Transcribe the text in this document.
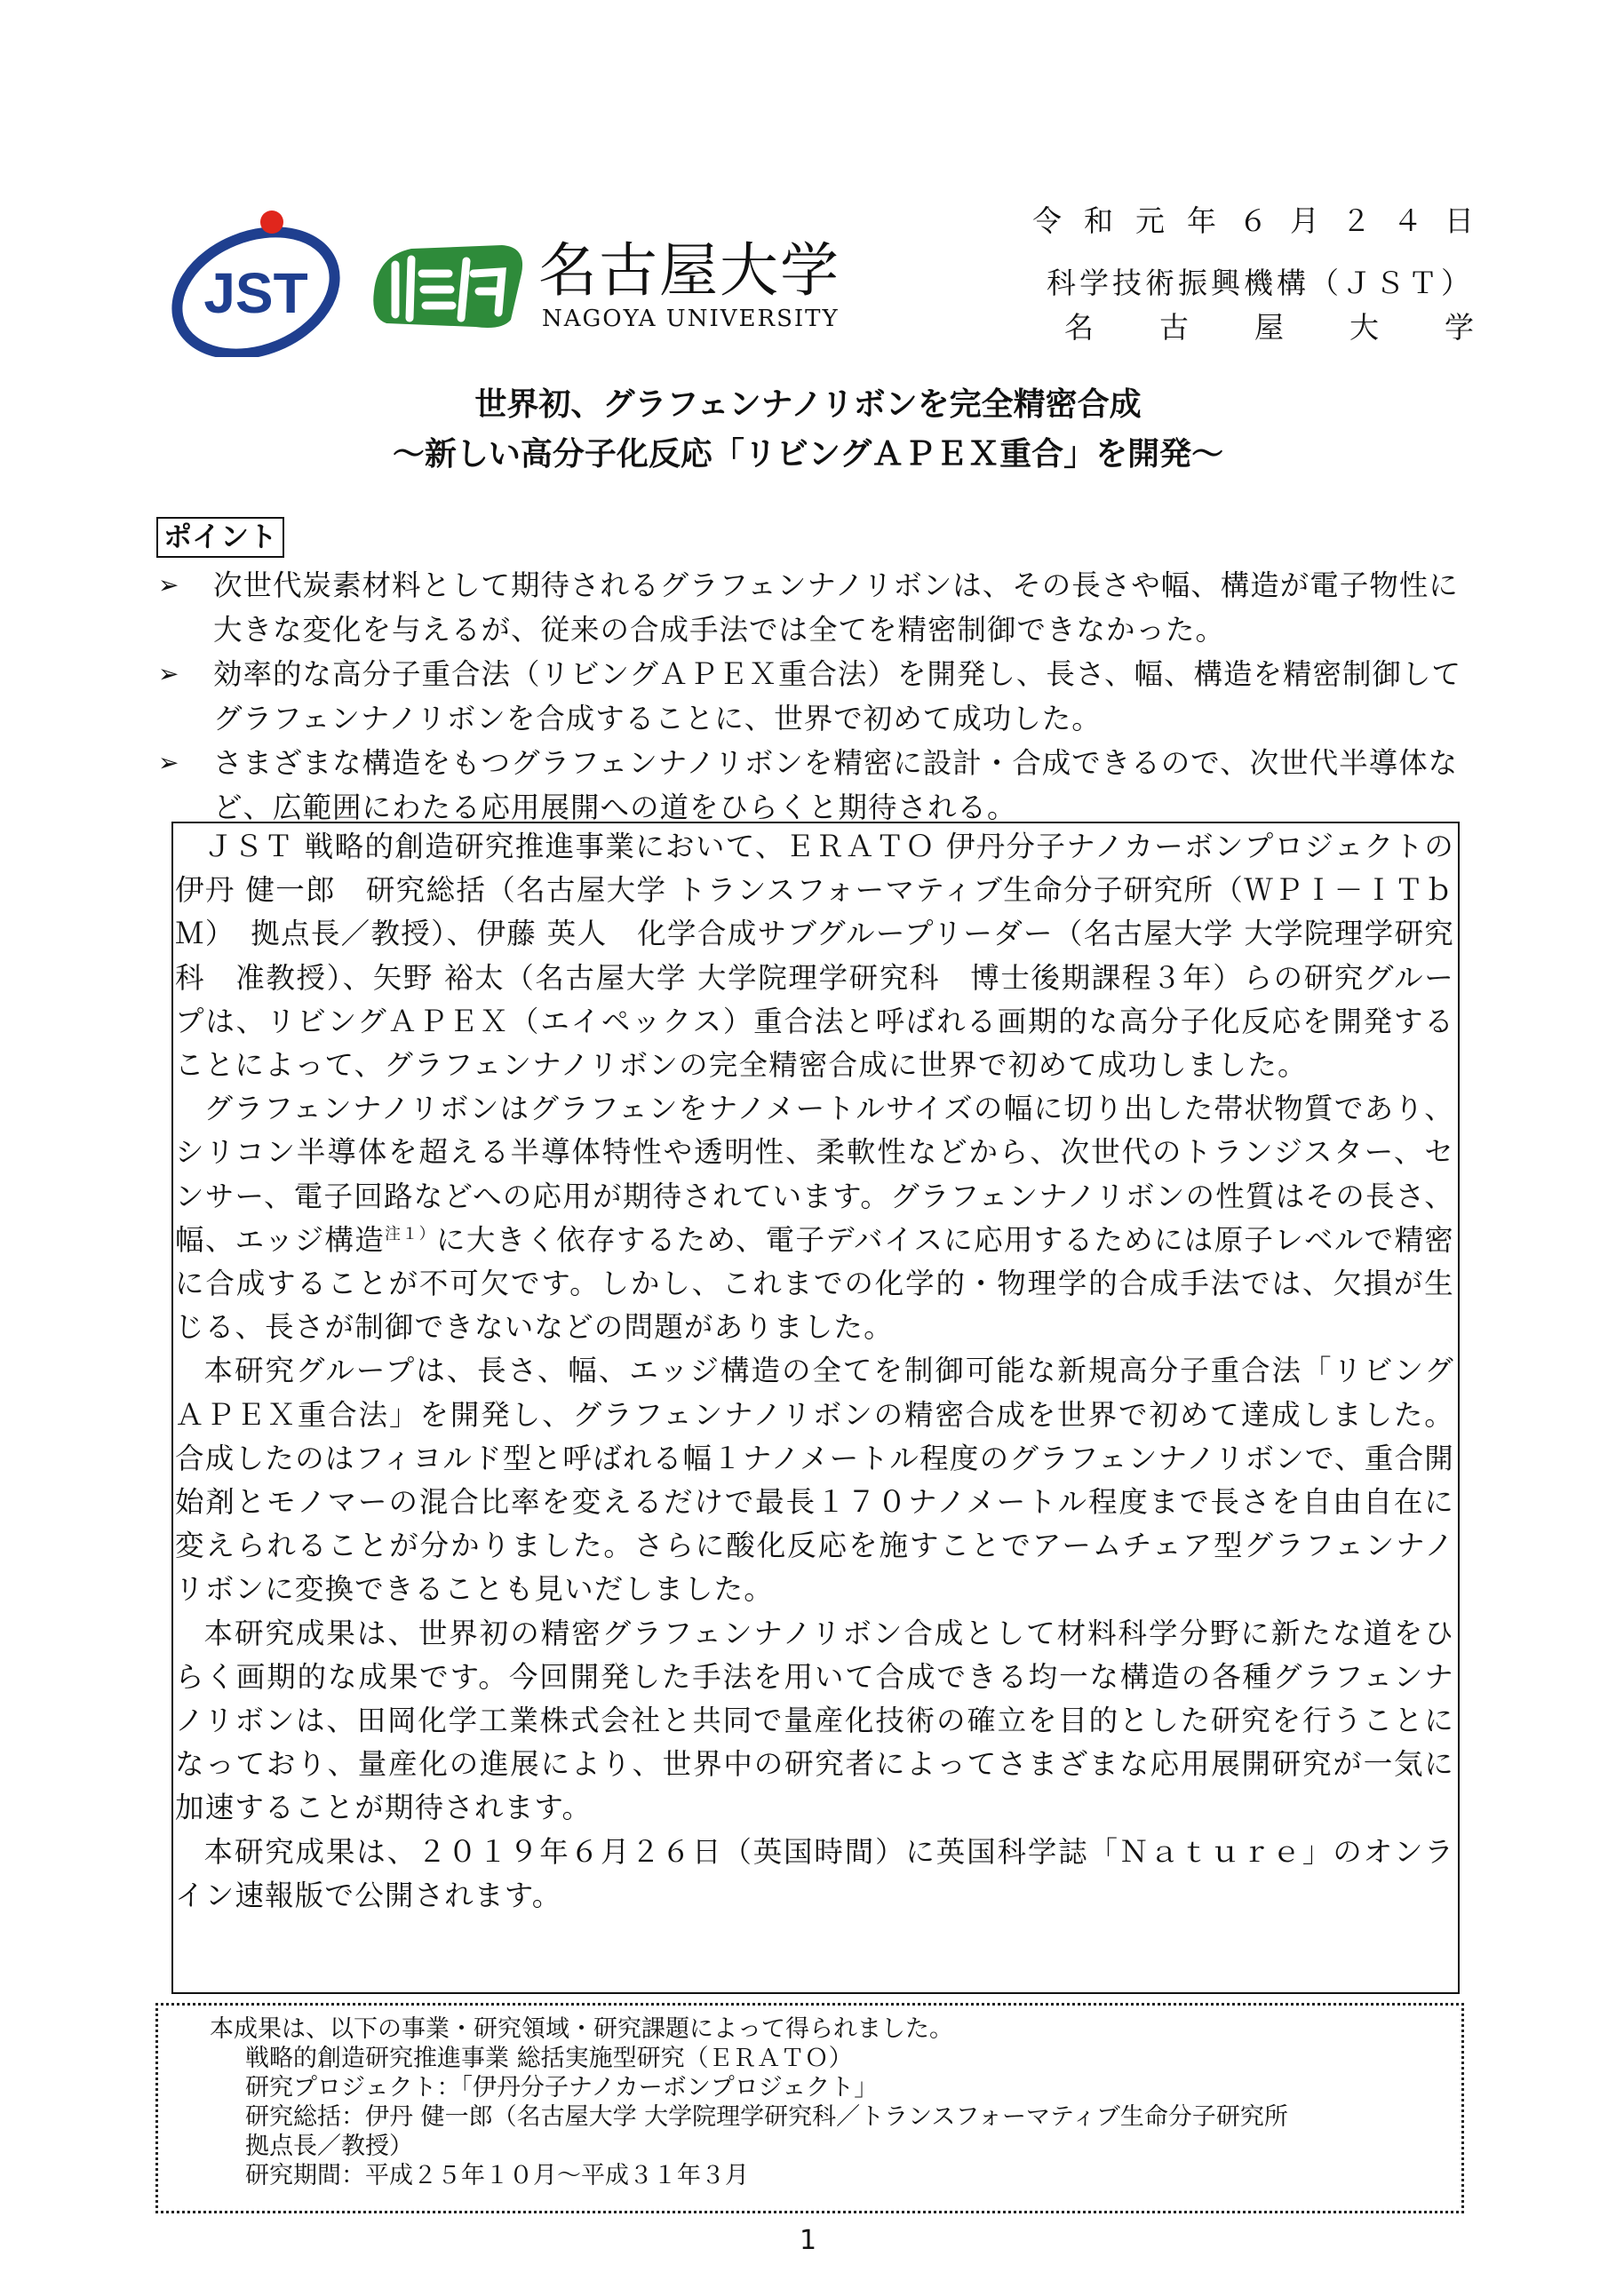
JST	名古屋大学
NAGOYA UNIVERSITY
令和元年６月２４日
科学技術振興機構（ＪＳＴ）
名古屋大学
世界初、グラフェンナノリボンを完全精密合成
～新しい高分子化反応「リビングＡＰＥＸ重合」を開発～
ポイント
➢ 次世代炭素材料として期待されるグラフェンナノリボンは、その長さや幅、構造が電子物性に大きな変化を与えるが、従来の合成手法では全てを精密制御できなかった。
➢ 効率的な高分子重合法（リビングＡＰＥＸ重合法）を開発し、長さ、幅、構造を精密制御してグラフェンナノリボンを合成することに、世界で初めて成功した。
➢ さまざまな構造をもつグラフェンナノリボンを精密に設計・合成できるので、次世代半導体など、広範囲にわたる応用展開への道をひらくと期待される。

ＪＳＴ 戦略的創造研究推進事業において、ＥＲＡＴＯ 伊丹分子ナノカーボンプロジェクトの伊丹 健一郎　研究総括（名古屋大学 トランスフォーマティブ生命分子研究所（ＷＰＩ－ＩＴｂＭ）　拠点長／教授）、伊藤 英人　化学合成サブグループリーダー（名古屋大学 大学院理学研究科　准教授）、矢野 裕太（名古屋大学 大学院理学研究科　博士後期課程３年）らの研究グループは、リビングＡＰＥＸ（エイペックス）重合法と呼ばれる画期的な高分子化反応を開発することによって、グラフェンナノリボンの完全精密合成に世界で初めて成功しました。

グラフェンナノリボンはグラフェンをナノメートルサイズの幅に切り出した帯状物質であり、シリコン半導体を超える半導体特性や透明性、柔軟性などから、次世代のトランジスター、センサー、電子回路などへの応用が期待されています。グラフェンナノリボンの性質はその長さ、幅、エッジ構造$^{注1)}$に大きく依存するため、電子デバイスに応用するためには原子レベルで精密に合成することが不可欠です。しかし、これまでの化学的・物理学的合成手法では、欠損が生じる、長さが制御できないなどの問題がありました。

本研究グループは、長さ、幅、エッジ構造の全てを制御可能な新規高分子重合法「リビングＡＰＥＸ重合法」を開発し、グラフェンナノリボンの精密合成を世界で初めて達成しました。合成したのはフィヨルド型と呼ばれる幅１ナノメートル程度のグラフェンナノリボンで、重合開始剤とモノマーの混合比率を変えるだけで最長１７０ナノメートル程度まで長さを自由自在に変えられることが分かりました。さらに酸化反応を施すことでアームチェア型グラフェンナノリボンに変換できることも見いだしました。

本研究成果は、世界初の精密グラフェンナノリボン合成として材料科学分野に新たな道をひらく画期的な成果です。今回開発した手法を用いて合成できる均一な構造の各種グラフェンナノリボンは、田岡化学工業株式会社と共同で量産化技術の確立を目的とした研究を行うことになっており、量産化の進展により、世界中の研究者によってさまざまな応用展開研究が一気に加速することが期待されます。

本研究成果は、２０１９年６月２６日（英国時間）に英国科学誌「Ｎａｔｕｒｅ」のオンライン速報版で公開されます。

本成果は、以下の事業・研究領域・研究課題によって得られました。
戦略的創造研究推進事業 総括実施型研究（ＥＲＡＴＯ）
研究プロジェクト：「伊丹分子ナノカーボンプロジェクト」
研究総括：伊丹 健一郎（名古屋大学 大学院理学研究科／トランスフォーマティブ生命分子研究所
拠点長／教授）
研究期間：平成２５年１０月～平成３１年３月
1
